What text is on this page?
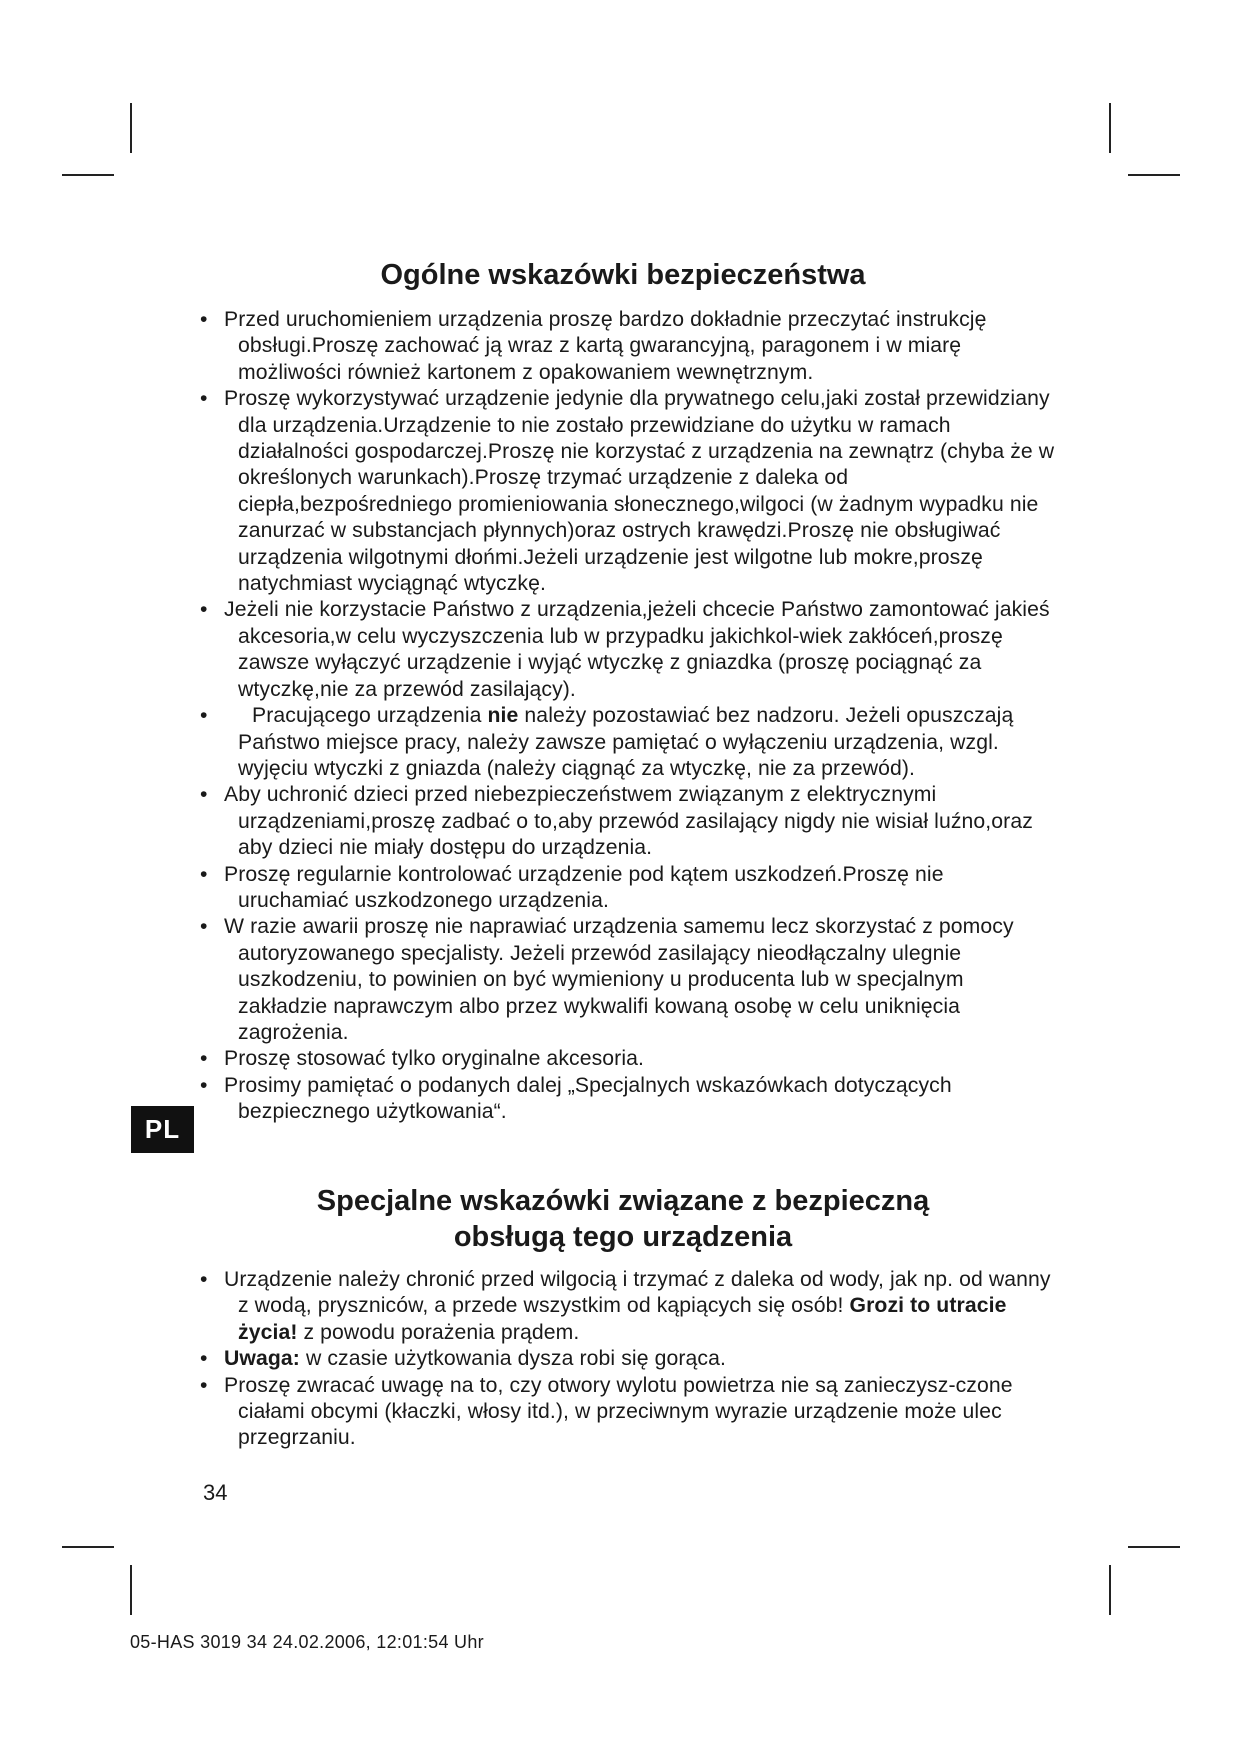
Ogólne wskazówki bezpieczeństwa
• Przed uruchomieniem urządzenia proszę bardzo dokładnie przeczytać instrukcję obsługi.Proszę zachować ją wraz z kartą gwarancyjną, paragonem i w miarę możliwości również kartonem z opakowaniem wewnętrznym.
• Proszę wykorzystywać urządzenie jedynie dla prywatnego celu,jaki został przewidziany dla urządzenia.Urządzenie to nie zostało przewidziane do użytku w ramach działalności gospodarczej.Proszę nie korzystać z urządzenia na zewnątrz (chyba że w określonych warunkach).Proszę trzymać urządzenie z daleka od ciepła,bezpośredniego promieniowania słonecznego,wilgoci (w żadnym wypadku nie zanurzać w substancjach płynnych)oraz ostrych krawędzi.Proszę nie obsługiwać urządzenia wilgotnymi dłońmi.Jeżeli urządzenie jest wilgotne lub mokre,proszę natychmiast wyciągnąć wtyczkę.
• Jeżeli nie korzystacie Państwo z urządzenia,jeżeli chcecie Państwo zamontować jakieś akcesoria,w celu wyczyszczenia lub w przypadku jakichkol-wiek zakłóceń,proszę zawsze wyłączyć urządzenie i wyjąć wtyczkę z gniazdka (proszę pociągnąć za wtyczkę,nie za przewód zasilający).
•	Pracującego urządzenia nie należy pozostawiać bez nadzoru. Jeżeli opuszczają Państwo miejsce pracy, należy zawsze pamiętać o wyłączeniu urządzenia, wzgl. wyjęciu wtyczki z gniazda (należy ciągnąć za wtyczkę, nie za przewód).
• Aby uchronić dzieci przed niebezpieczeństwem związanym z elektrycznymi urządzeniami,proszę zadbać o to,aby przewód zasilający nigdy nie wisiał luźno,oraz aby dzieci nie miały dostępu do urządzenia.
• Proszę regularnie kontrolować urządzenie pod kątem uszkodzeń.Proszę nie uruchamiać uszkodzonego urządzenia.
• W razie awarii proszę nie naprawiać urządzenia samemu lecz skorzystać z pomocy autoryzowanego specjalisty. Jeżeli przewód zasilający nieodłączalny ulegnie uszkodzeniu, to powinien on być wymieniony u producenta lub w specjalnym zakładzie naprawczym albo przez wykwalifi kowaną osobę w celu uniknięcia zagrożenia.
• Proszę stosować tylko oryginalne akcesoria.
• Prosimy pamiętać o podanych dalej „Specjalnych wskazówkach dotyczących bezpiecznego użytkowania“.
PL
Specjalne wskazówki związane z bezpieczną
obsługą tego urządzenia
• Urządzenie należy chronić przed wilgocią i trzymać z daleka od wody, jak np. od wanny z wodą, pryszniców, a przede wszystkim od kąpiących się osób! Grozi to utracie życia! z powodu porażenia prądem.
• Uwaga: w czasie użytkowania dysza robi się gorąca.
• Proszę zwracać uwagę na to, czy otwory wylotu powietrza nie są zanieczysz-czone ciałami obcymi (kłaczki, włosy itd.), w przeciwnym wyrazie urządzenie może ulec przegrzaniu.
34
05-HAS 3019 34 24.02.2006, 12:01:54 Uhr
